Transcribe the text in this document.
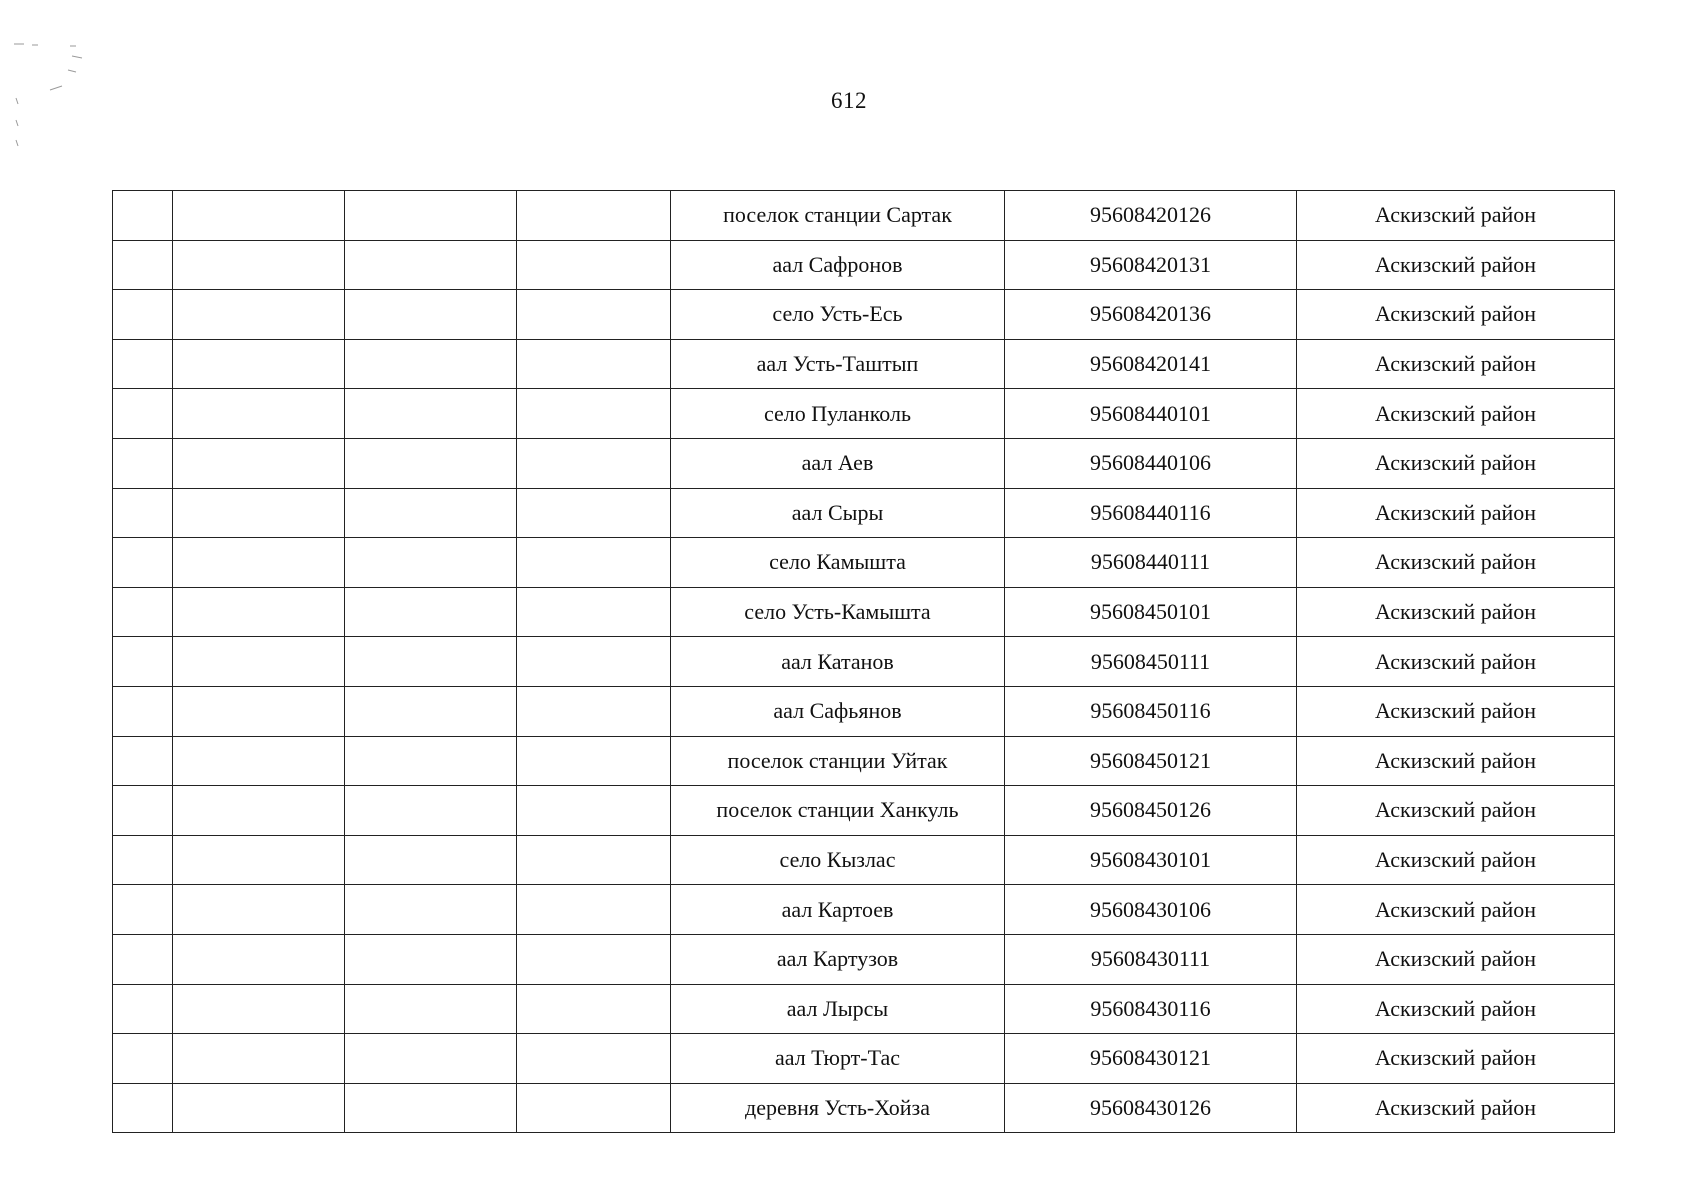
612
				поселок станции Сартак	95608420126	Аскизский район
				аал Сафронов	95608420131	Аскизский район
				село Усть-Есь	95608420136	Аскизский район
				аал Усть-Таштып	95608420141	Аскизский район
				село Пуланколь	95608440101	Аскизский район
				аал Аев	95608440106	Аскизский район
				аал Сыры	95608440116	Аскизский район
				село Камышта	95608440111	Аскизский район
				село Усть-Камышта	95608450101	Аскизский район
				аал Катанов	95608450111	Аскизский район
				аал Сафьянов	95608450116	Аскизский район
				поселок станции Уйтак	95608450121	Аскизский район
				поселок станции Ханкуль	95608450126	Аскизский район
				село Кызлас	95608430101	Аскизский район
				аал Картоев	95608430106	Аскизский район
				аал Картузов	95608430111	Аскизский район
				аал Лырсы	95608430116	Аскизский район
				аал Тюрт-Тас	95608430121	Аскизский район
				деревня Усть-Хойза	95608430126	Аскизский район
